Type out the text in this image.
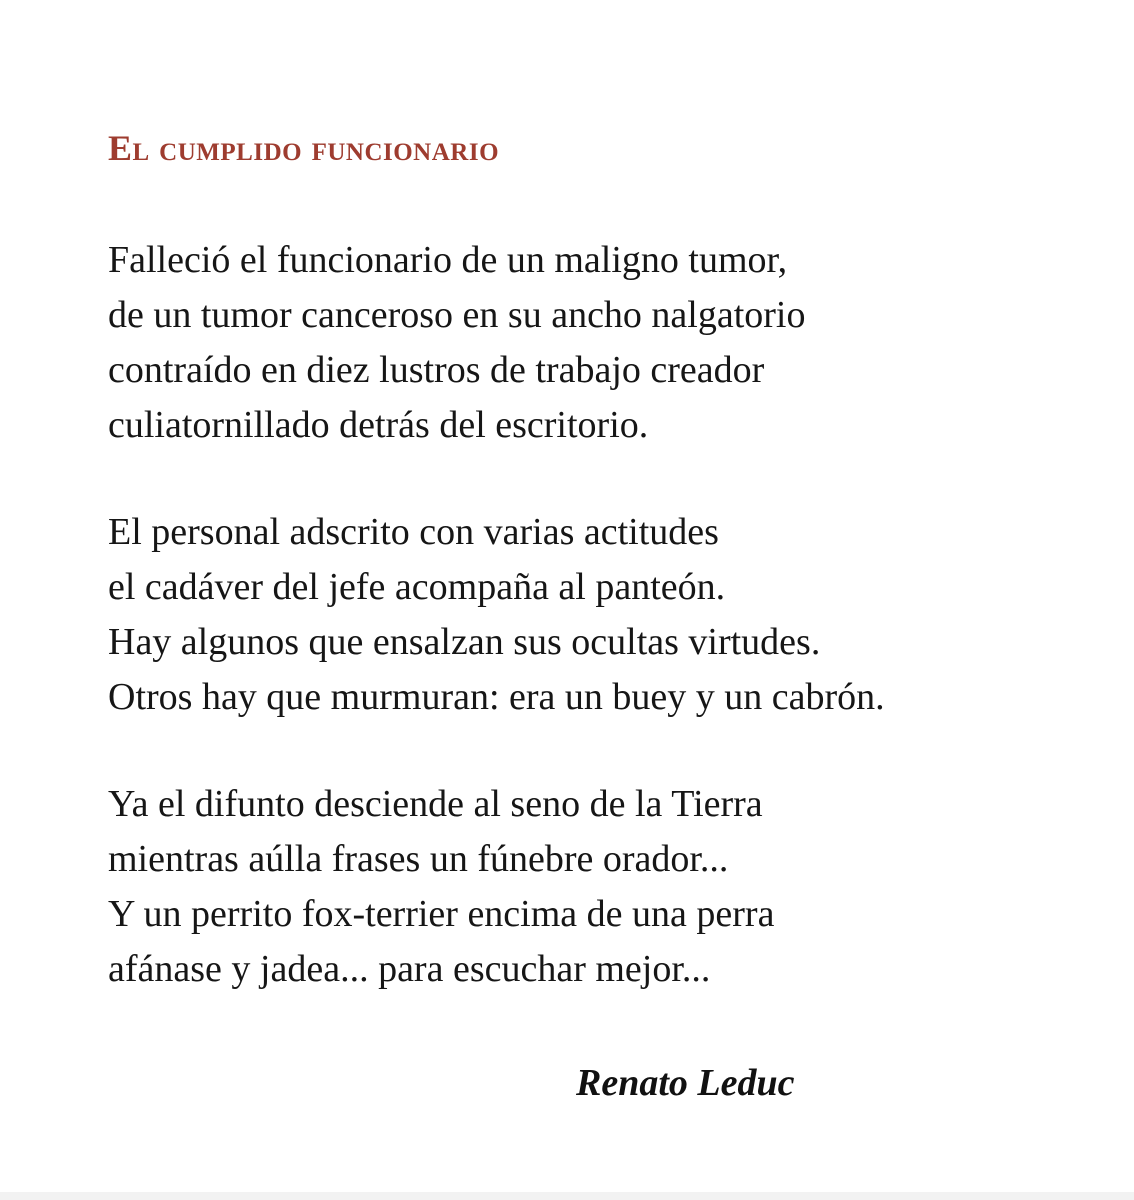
El cumplido funcionario
Falleció el funcionario de un maligno tumor,
de un tumor canceroso en su ancho nalgatorio
contraído en diez lustros de trabajo creador
culiatornillado detrás del escritorio.
El personal adscrito con varias actitudes
el cadáver del jefe acompaña al panteón.
Hay algunos que ensalzan sus ocultas virtudes.
Otros hay que murmuran: era un buey y un cabrón.
Ya el difunto desciende al seno de la Tierra
mientras aúlla frases un fúnebre orador...
Y un perrito fox-terrier encima de una perra
afánase y jadea... para escuchar mejor...

Renato Leduc
